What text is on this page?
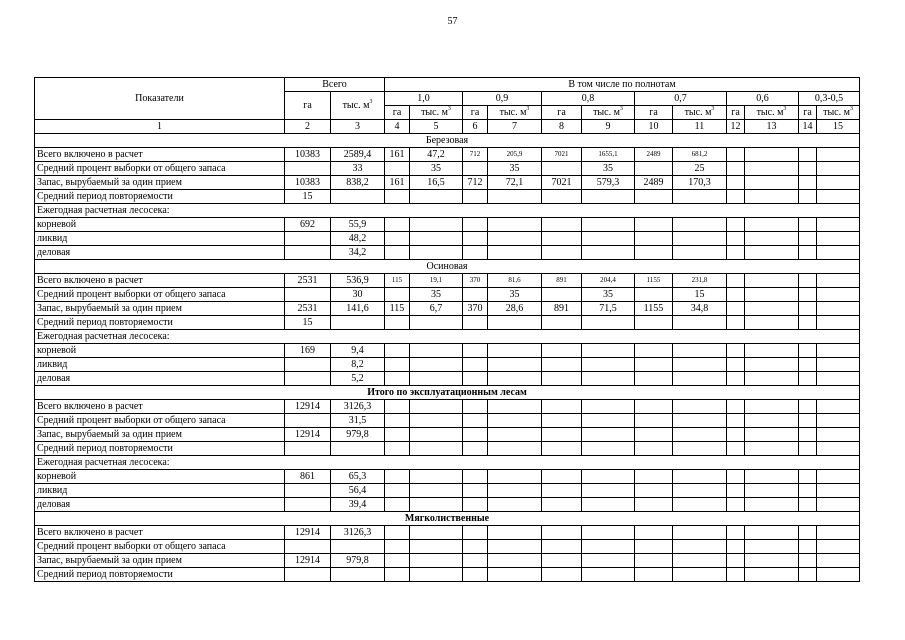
57
Показатели	Всего		В том числе по полнотам											
	га	тыс. $м^3$	1,0		0,9		0,8		0,7		0,6		0,3-0,5	
			га	тыс. $м^3$	га	тыс. $м^3$	га	тыс. $м^3$	га	тыс. $м^3$	га	тыс. $м^3$	га	тыс. $м^3$
1	2	3	4	5	6	7	8	9	10	11	12	13	14	15
Березовая														
Всего включено в расчет	10383	2589,4	161	47,2	712	205,9	7021	1655,1	2489	681,2				
Средний процент выборки от общего запаса		33		35		35		35		25				
Запас, вырубаемый за один прием	10383	838,2	161	16,5	712	72,1	7021	579,3	2489	170,3				
Средний период повторяемости	15													
Ежегодная расчетная лесосека:														
корневой	692	55,9												
ликвид		48,2												
деловая		34,2												
Осиновая														
Всего включено в расчет	2531	536,9	115	19,1	370	81,6	891	204,4	1155	231,8				
Средний процент выборки от общего запаса		30		35		35		35		15				
Запас, вырубаемый за один прием	2531	141,6	115	6,7	370	28,6	891	71,5	1155	34,8				
Средний период повторяемости	15													
Ежегодная расчетная лесосека:														
корневой	169	9,4												
ликвид		8,2												
деловая		5,2												
Итого по эксплуатационным лесам														
Всего включено в расчет	12914	3126,3												
Средний процент выборки от общего запаса		31,5												
Запас, вырубаемый за один прием	12914	979,8												
Средний период повторяемости														
Ежегодная расчетная лесосека:														
корневой	861	65,3												
ликвид		56,4												
деловая		39,4												
Мягколиственные														
Всего включено в расчет	12914	3126,3												
Средний процент выборки от общего запаса														
Запас, вырубаемый за один прием	12914	979,8												
Средний период повторяемости														
